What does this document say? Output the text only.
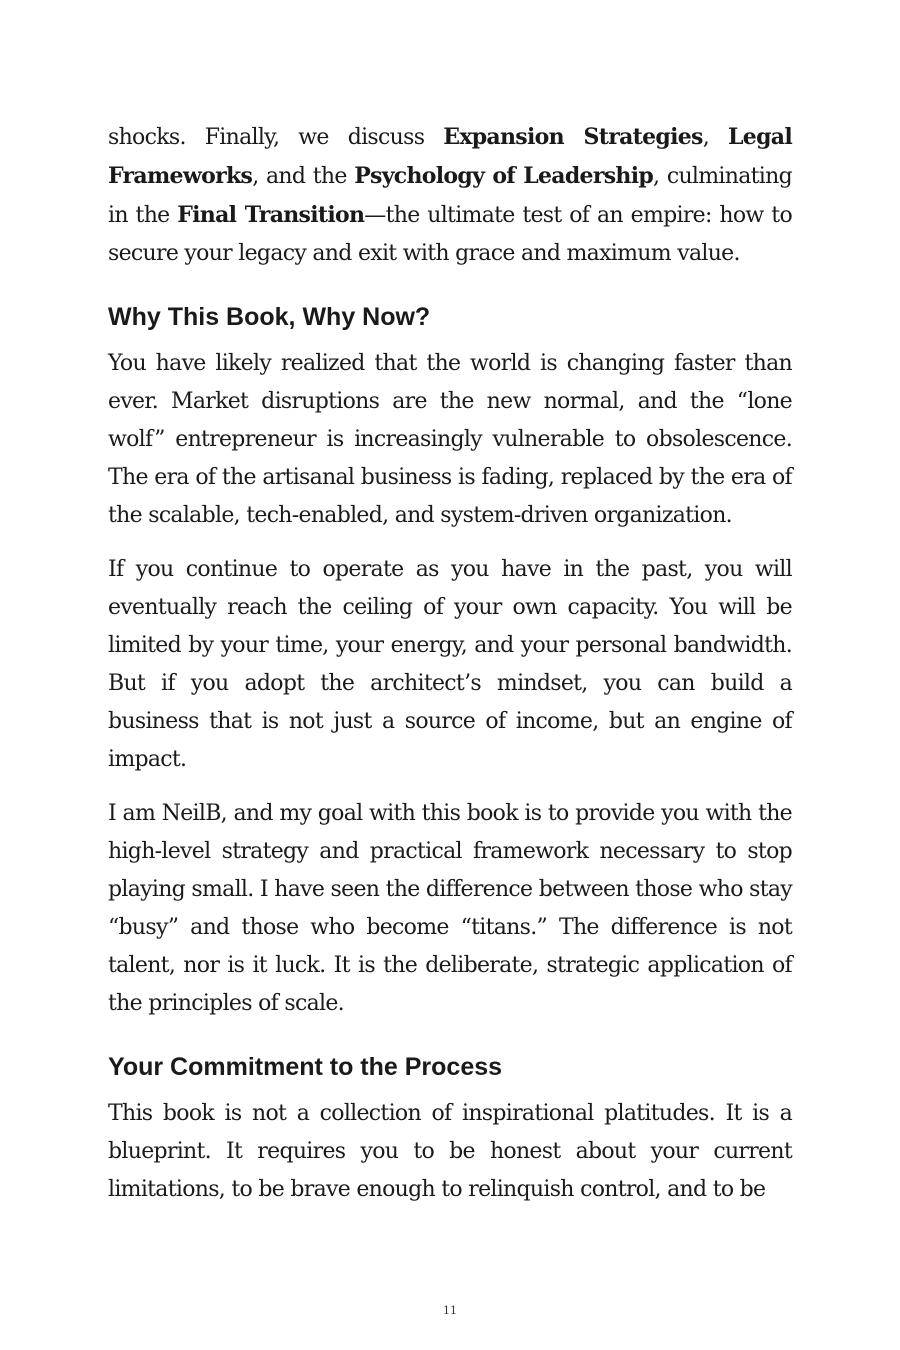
shocks. Finally, we discuss Expansion Strategies, Legal Frameworks, and the Psychology of Leadership, culminating in the Final Transition—the ultimate test of an empire: how to secure your legacy and exit with grace and maximum value.

Why This Book, Why Now?

You have likely realized that the world is changing faster than ever. Market disruptions are the new normal, and the “lone wolf” entrepreneur is increasingly vulnerable to obsolescence. The era of the artisanal business is fading, replaced by the era of the scalable, tech-enabled, and system-driven organization.

If you continue to operate as you have in the past, you will eventually reach the ceiling of your own capacity. You will be limited by your time, your energy, and your personal bandwidth. But if you adopt the architect’s mindset, you can build a business that is not just a source of income, but an engine of impact.

I am NeilB, and my goal with this book is to provide you with the high-level strategy and practical framework necessary to stop playing small. I have seen the difference between those who stay “busy” and those who become “titans.” The difference is not talent, nor is it luck. It is the deliberate, strategic application of the principles of scale.

Your Commitment to the Process

This book is not a collection of inspirational platitudes. It is a blueprint. It requires you to be honest about your current limitations, to be brave enough to relinquish control, and to be

11
